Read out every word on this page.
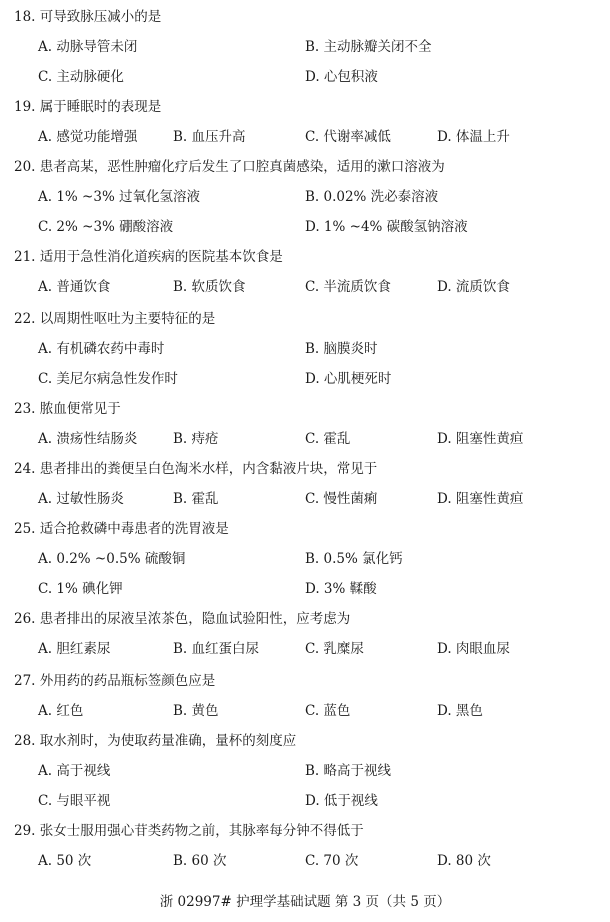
18. 可导致脉压减小的是
A. 动脉导管未闭	B. 主动脉瓣关闭不全
C. 主动脉硬化	D. 心包积液
19. 属于睡眠时的表现是
A. 感觉功能增强	B. 血压升高	C. 代谢率减低	D. 体温上升
20. 患者高某，恶性肿瘤化疗后发生了口腔真菌感染，适用的漱口溶液为
A. 1% ~3% 过氧化氢溶液	B. 0.02% 洗必泰溶液
C. 2% ~3% 硼酸溶液	D. 1% ~4% 碳酸氢钠溶液
21. 适用于急性消化道疾病的医院基本饮食是
A. 普通饮食	B. 软质饮食	C. 半流质饮食	D. 流质饮食
22. 以周期性呕吐为主要特征的是
A. 有机磷农药中毒时	B. 脑膜炎时
C. 美尼尔病急性发作时	D. 心肌梗死时
23. 脓血便常见于
A. 溃疡性结肠炎	B. 痔疮	C. 霍乱	D. 阻塞性黄疸
24. 患者排出的粪便呈白色淘米水样，内含黏液片块，常见于
A. 过敏性肠炎	B. 霍乱	C. 慢性菌痢	D. 阻塞性黄疸
25. 适合抢救磷中毒患者的洗胃液是
A. 0.2% ~0.5% 硫酸铜	B. 0.5% 氯化钙
C. 1% 碘化钾	D. 3% 鞣酸
26. 患者排出的尿液呈浓茶色，隐血试验阳性，应考虑为
A. 胆红素尿	B. 血红蛋白尿	C. 乳糜尿	D. 肉眼血尿
27. 外用药的药品瓶标签颜色应是
A. 红色	B. 黄色	C. 蓝色	D. 黑色
28. 取水剂时，为使取药量准确，量杯的刻度应
A. 高于视线	B. 略高于视线
C. 与眼平视	D. 低于视线
29. 张女士服用强心苷类药物之前，其脉率每分钟不得低于
A. 50 次	B. 60 次	C. 70 次	D. 80 次
浙 02997# 护理学基础试题 第 3 页（共 5 页）
